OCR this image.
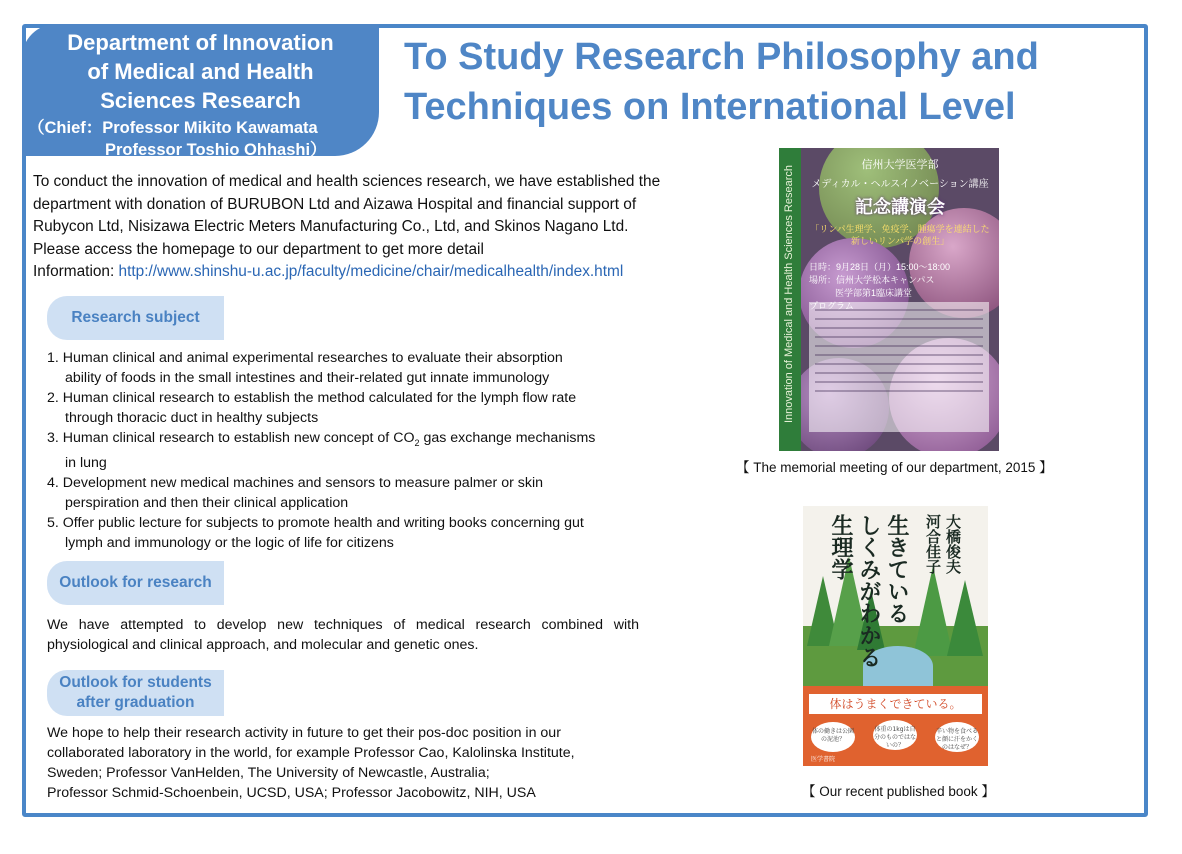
Department of Innovation
of Medical and Health
Sciences Research
（Chief：Professor Mikito Kawamata
Professor Toshio Ohhashi）
To Study Research Philosophy and
Techniques on International Level
To conduct the innovation of medical and health sciences research, we have established the
department with donation of BURUBON Ltd and Aizawa Hospital and financial support of
Rubycon Ltd, Nisizawa Electric Meters Manufacturing Co., Ltd, and Skinos Nagano Ltd.
Please access the homepage to our department to get more detail
Information: http://www.shinshu-u.ac.jp/faculty/medicine/chair/medicalhealth/index.html
Research subject
1. Human clinical and animal experimental researches to evaluate their absorption
ability of foods in the small intestines and their-related gut innate immunology
2. Human clinical research to establish the method calculated for the lymph flow rate
through thoracic duct in healthy subjects
3. Human clinical research to establish new concept of $CO_2$ gas exchange mechanisms
in lung
4. Development new medical machines and sensors to measure palmer or skin
perspiration and then their clinical application
5. Offer public lecture for subjects to promote health and writing books concerning gut
lymph and immunology or the logic of life for citizens
Outlook for research
We have attempted to develop new techniques of medical research combined with physiological and clinical approach, and molecular and genetic ones.
Outlook for students
after graduation
We hope to help their research activity in future to get their pos-doc position in our
collaborated laboratory in the world, for example Professor Cao, Kalolinska Institute,
Sweden; Professor VanHelden, The University of Newcastle, Australia;
Professor Schmid-Schoenbein, UCSD, USA; Professor Jacobowitz, NIH, USA
Innovation of Medical and Health Sciences Research	信州大学医学部
メディカル・ヘルスイノベーション講座
記念講演会
「リンパ生理学、免疫学、腫瘍学を連結した
新しいリンパ学の創生」
日時：9月28日（月）15:00〜18:00
場所：信州大学松本キャンパス
医学部第1臨床講堂
【 The memorial meeting of our department, 2015 】
生理学 しくみがわかる 生きている 河合佳子 大橋俊夫
体はうまくできている。
体の働きは公園の泥池？
体重の1kgは自分のものではないの？
辛い物を食べると顔に汗をかくのはなぜ？
医学書院
【 Our recent published book 】
